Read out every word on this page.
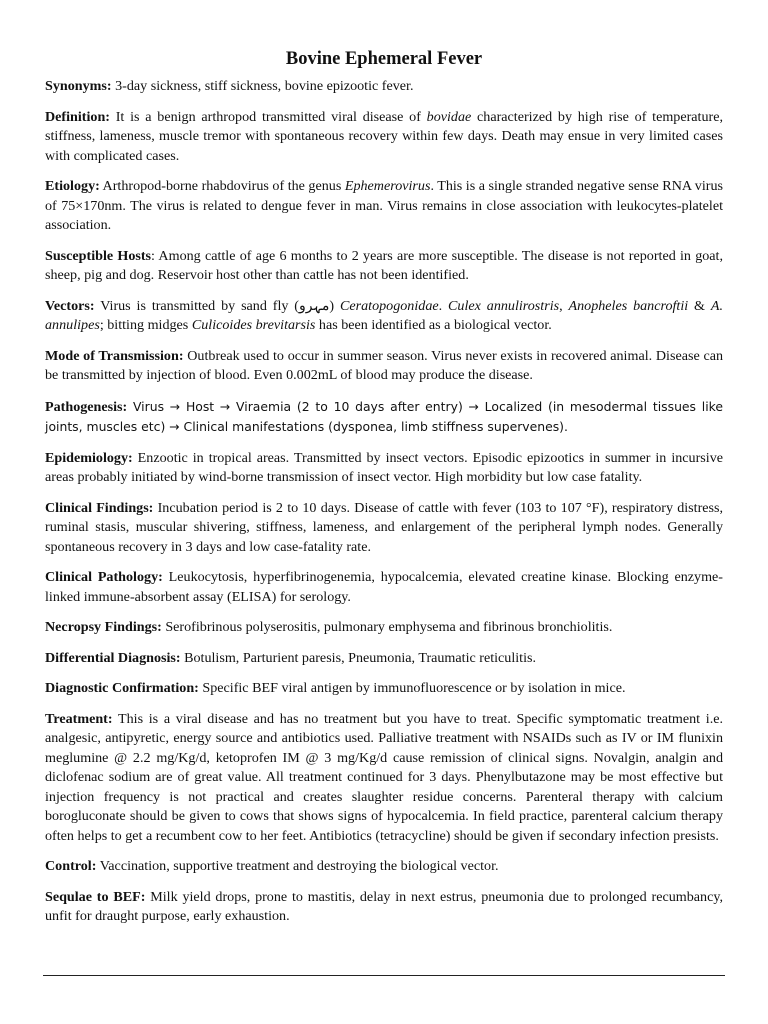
Bovine Ephemeral Fever

Synonyms: 3-day sickness, stiff sickness, bovine epizootic fever.

Definition: It is a benign arthropod transmitted viral disease of bovidae characterized by high rise of temperature, stiffness, lameness, muscle tremor with spontaneous recovery within few days. Death may ensue in very limited cases with complicated cases.

Etiology: Arthropod-borne rhabdovirus of the genus Ephemerovirus. This is a single stranded negative sense RNA virus of 75×170nm. The virus is related to dengue fever in man. Virus remains in close association with leukocytes-platelet association.

Susceptible Hosts: Among cattle of age 6 months to 2 years are more susceptible. The disease is not reported in goat, sheep, pig and dog. Reservoir host other than cattle has not been identified.

Vectors: Virus is transmitted by sand fly (مہرو) Ceratopogonidae. Culex annulirostris, Anopheles bancroftii & A. annulipes; bitting midges Culicoides brevitarsis has been identified as a biological vector.

Mode of Transmission: Outbreak used to occur in summer season. Virus never exists in recovered animal. Disease can be transmitted by injection of blood. Even 0.002mL of blood may produce the disease.

Pathogenesis: Virus → Host → Viraemia (2 to 10 days after entry) → Localized (in mesodermal tissues like joints, muscles etc) → Clinical manifestations (dysponea, limb stiffness supervenes).

Epidemiology: Enzootic in tropical areas. Transmitted by insect vectors. Episodic epizootics in summer in incursive areas probably initiated by wind-borne transmission of insect vector. High morbidity but low case fatality.

Clinical Findings: Incubation period is 2 to 10 days. Disease of cattle with fever (103 to 107 °F), respiratory distress, ruminal stasis, muscular shivering, stiffness, lameness, and enlargement of the peripheral lymph nodes. Generally spontaneous recovery in 3 days and low case-fatality rate.

Clinical Pathology: Leukocytosis, hyperfibrinogenemia, hypocalcemia, elevated creatine kinase. Blocking enzyme-linked immune-absorbent assay (ELISA) for serology.

Necropsy Findings: Serofibrinous polyserositis, pulmonary emphysema and fibrinous bronchiolitis.

Differential Diagnosis: Botulism, Parturient paresis, Pneumonia, Traumatic reticulitis.

Diagnostic Confirmation: Specific BEF viral antigen by immunofluorescence or by isolation in mice.

Treatment: This is a viral disease and has no treatment but you have to treat. Specific symptomatic treatment i.e. analgesic, antipyretic, energy source and antibiotics used. Palliative treatment with NSAIDs such as IV or IM flunixin meglumine @ 2.2 mg/Kg/d, ketoprofen IM @ 3 mg/Kg/d cause remission of clinical signs. Novalgin, analgin and diclofenac sodium are of great value. All treatment continued for 3 days. Phenylbutazone may be most effective but injection frequency is not practical and creates slaughter residue concerns. Parenteral therapy with calcium borogluconate should be given to cows that shows signs of hypocalcemia. In field practice, parenteral calcium therapy often helps to get a recumbent cow to her feet. Antibiotics (tetracycline) should be given if secondary infection presists.

Control: Vaccination, supportive treatment and destroying the biological vector.

Sequlae to BEF: Milk yield drops, prone to mastitis, delay in next estrus, pneumonia due to prolonged recumbancy, unfit for draught purpose, early exhaustion.
